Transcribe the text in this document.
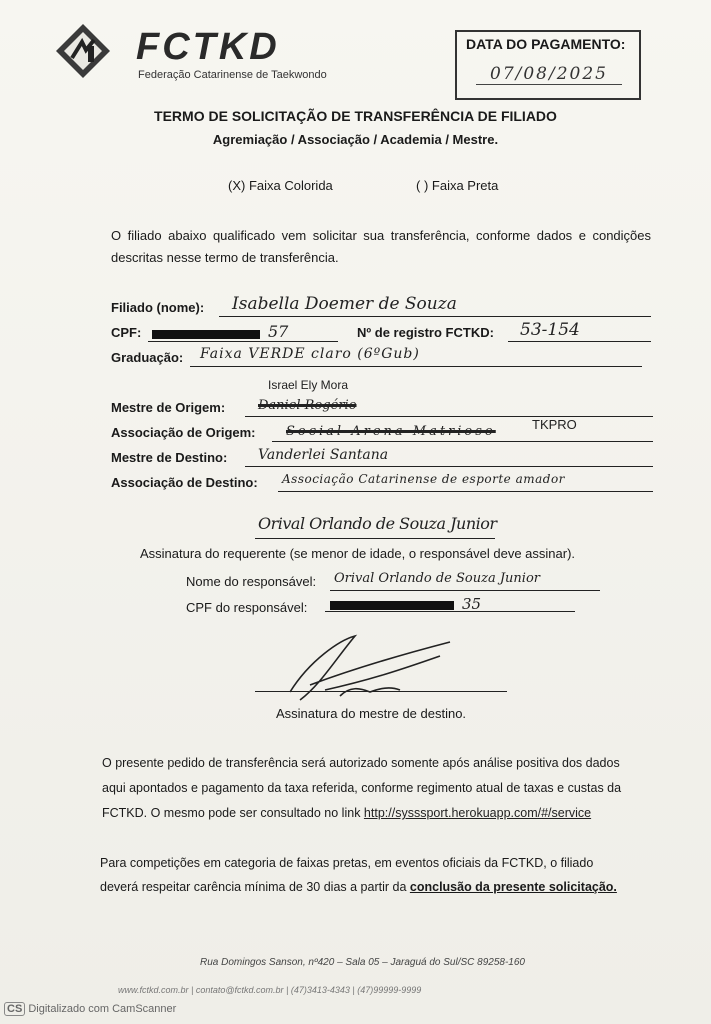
FCTKD
Federação Catarinense de Taekwondo
DATA DO PAGAMENTO:
07/08/2025
TERMO DE SOLICITAÇÃO DE TRANSFERÊNCIA DE FILIADO
Agremiação / Associação / Academia / Mestre.
(X) Faixa Colorida	( ) Faixa Preta
O filiado abaixo qualificado vem solicitar sua transferência, conforme dados e condições descritas nesse termo de transferência.
Filiado (nome): Isabella Doemer de Souza
CPF:	57	Nº de registro FCTKD: 53-154
Graduação: Faixa VERDE claro (6ºGub)
Israel Ely Mora
Mestre de Origem:	Daniel Rogério
Associação de Origem: Social Arena Matrioso	TKPRO
Mestre de Destino: Vanderlei Santana
Associação de Destino: Associação Catarinense de esporte amador
Orival Orlando de Souza Junior
Assinatura do requerente (se menor de idade, o responsável deve assinar).
Nome do responsável: Orival Orlando de Souza Junior
CPF do responsável:	35
Assinatura do mestre de destino.
O presente pedido de transferência será autorizado somente após análise positiva dos dados
aqui apontados e pagamento da taxa referida, conforme regimento atual de taxas e custas da
FCTKD. O mesmo pode ser consultado no link http://sysssport.herokuapp.com/#/service
Para competições em categoria de faixas pretas, em eventos oficiais da FCTKD, o filiado
deverá respeitar carência mínima de 30 dias a partir da conclusão da presente solicitação.
Rua Domingos Sanson, nº420 – Sala 05 – Jaraguá do Sul/SC 89258-160
www.fctkd.com.br | contato@fctkd.com.br | (47)3413-4343 | (47)99999-9999
CS Digitalizado com CamScanner
